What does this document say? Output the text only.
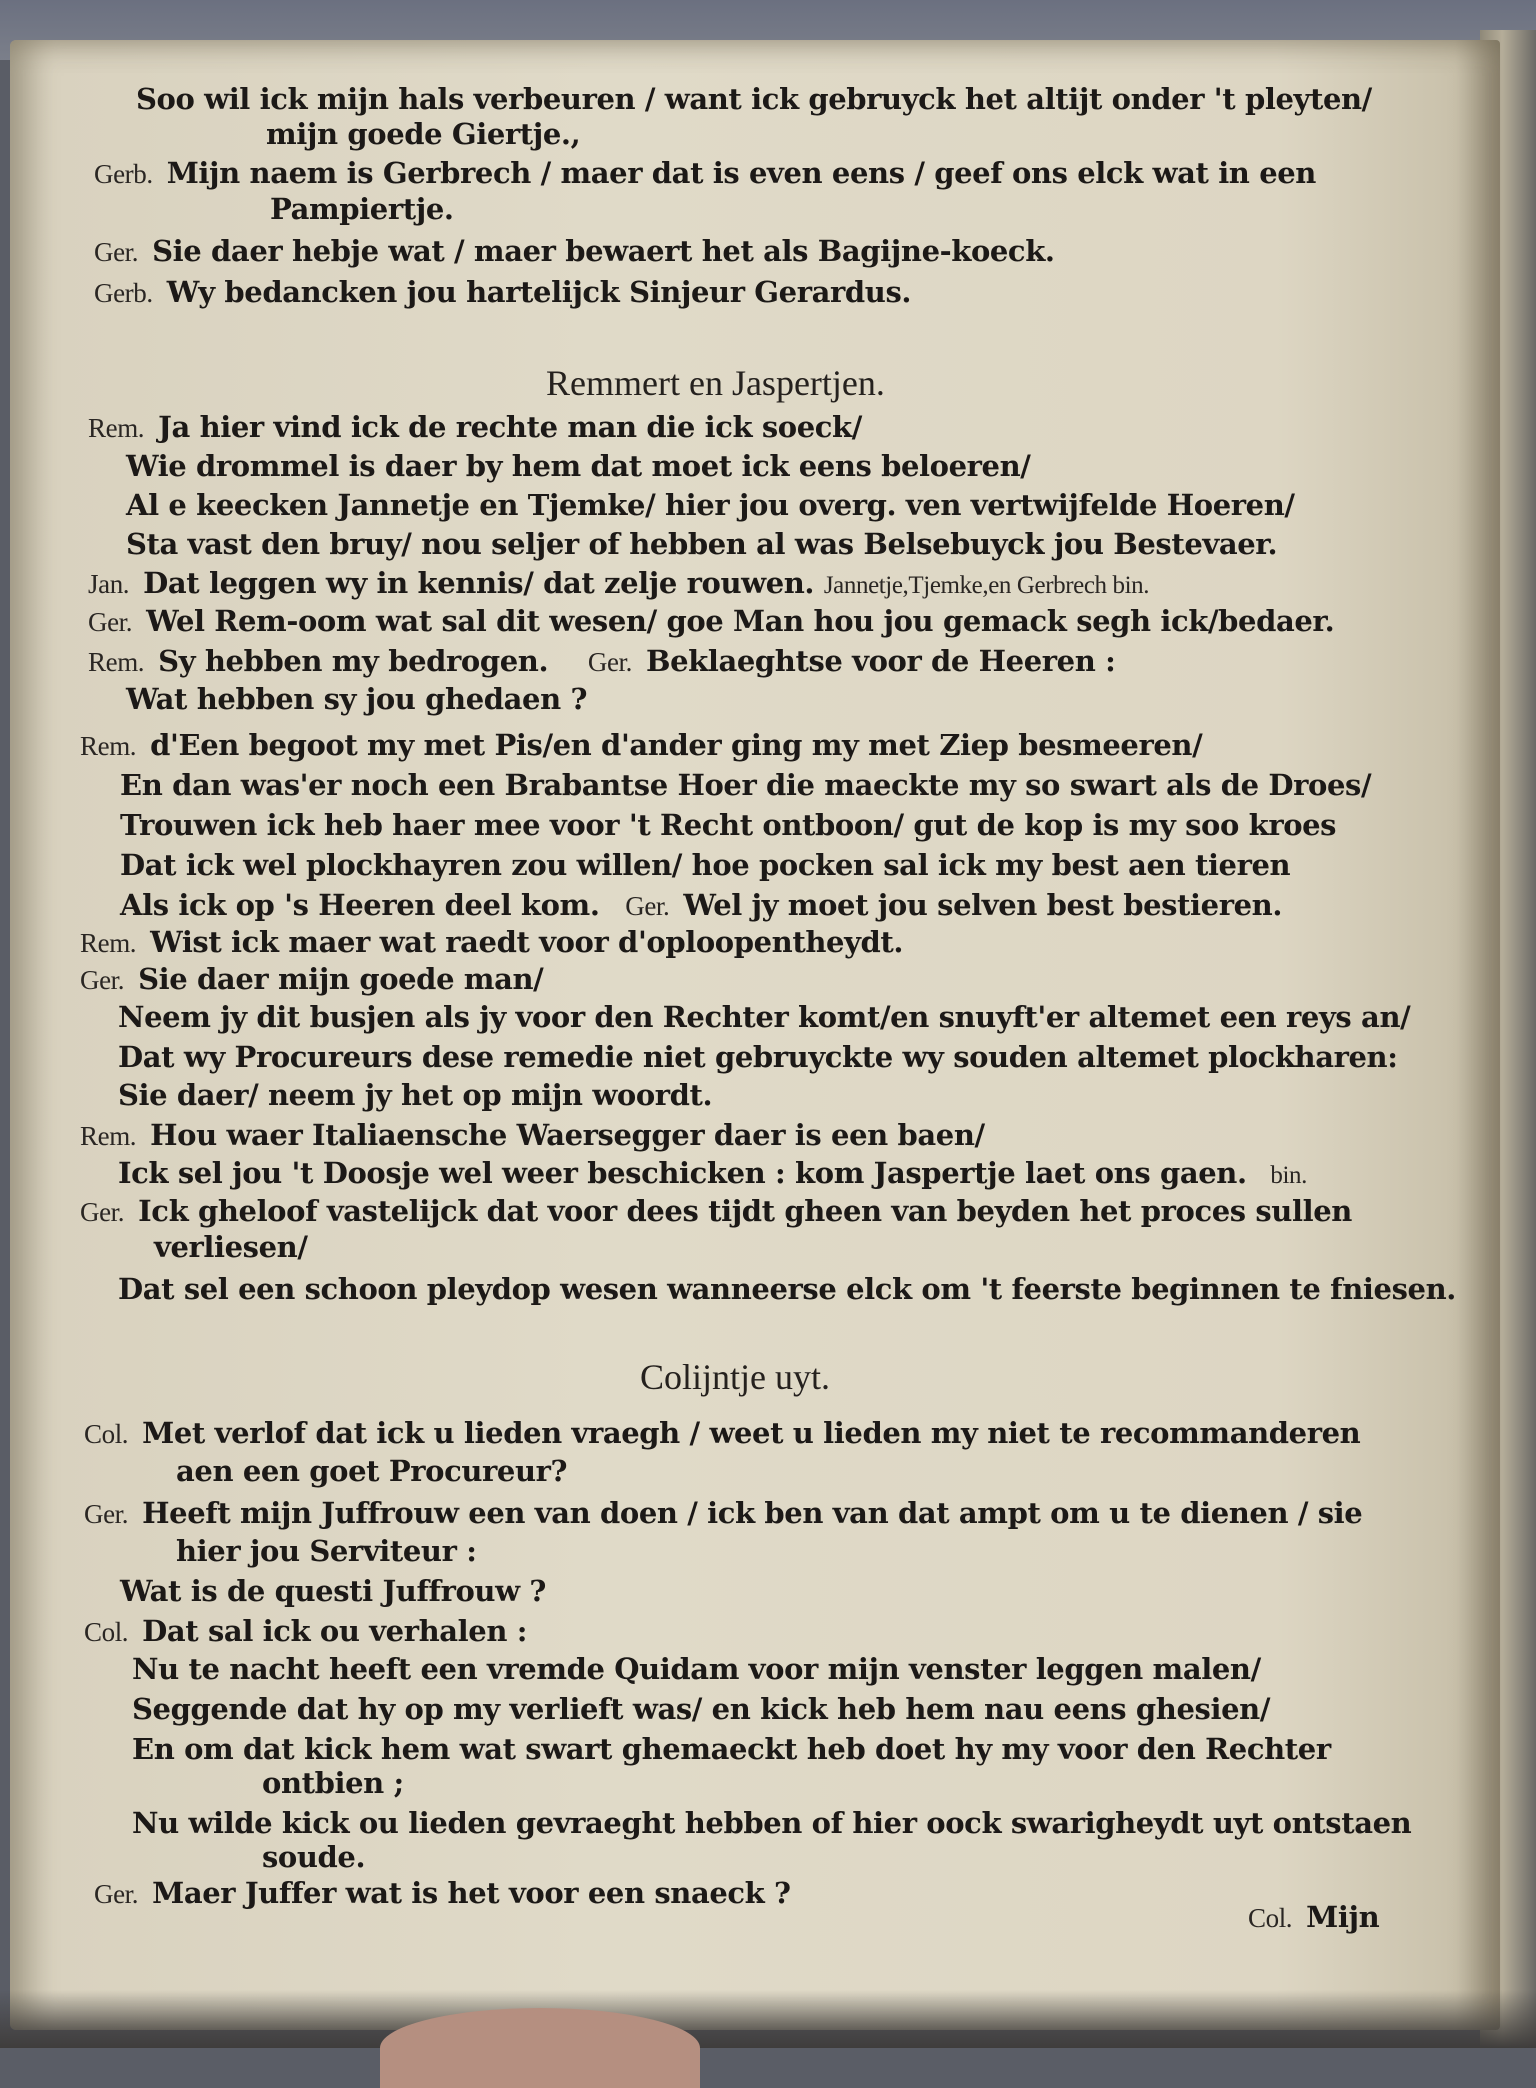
Soo wil ick mijn hals verbeuren / want ick gebruyck het altijt onder 't pleyten/
mijn goede Giertje.,
Gerb. Mijn naem is Gerbrech / maer dat is even eens / geef ons elck wat in een
Pampiertje.
Ger. Sie daer hebje wat / maer bewaert het als Bagijne-koeck.
Gerb. Wy bedancken jou hartelijck Sinjeur Gerardus.
Remmert en Jaspertjen.
Rem. Ja hier vind ick de rechte man die ick soeck/
Wie drommel is daer by hem dat moet ick eens beloeren/
Al e keecken Jannetje en Tjemke/ hier jou overg. ven vertwijfelde Hoeren/
Sta vast den bruy/ nou seljer of hebben al was Belsebuyck jou Bestevaer.
Jan. Dat leggen wy in kennis/ dat zelje rouwen. Jannetje,Tjemke,en Gerbrech bin.
Ger. Wel Rem-oom wat sal dit wesen/ goe Man hou jou gemack segh ick/bedaer.
Rem. Sy hebben my bedrogen. Ger. Beklaeghtse voor de Heeren :
Wat hebben sy jou ghedaen ?
Rem. d'Een begoot my met Pis/en d'ander ging my met Ziep besmeeren/
En dan was'er noch een Brabantse Hoer die maeckte my so swart als de Droes/
Trouwen ick heb haer mee voor 't Recht ontboon/ gut de kop is my soo kroes
Dat ick wel plockhayren zou willen/ hoe pocken sal ick my best aen tieren
Als ick op 's Heeren deel kom. Ger. Wel jy moet jou selven best bestieren.
Rem. Wist ick maer wat raedt voor d'oploopentheydt.
Ger. Sie daer mijn goede man/
Neem jy dit busjen als jy voor den Rechter komt/en snuyft'er altemet een reys an/
Dat wy Procureurs dese remedie niet gebruyckte wy souden altemet plockharen:
Sie daer/ neem jy het op mijn woordt.
Rem. Hou waer Italiaensche Waersegger daer is een baen/
Ick sel jou 't Doosje wel weer beschicken : kom Jaspertje laet ons gaen. bin.
Ger. Ick gheloof vastelijck dat voor dees tijdt gheen van beyden het proces sullen
verliesen/
Dat sel een schoon pleydop wesen wanneerse elck om 't feerste beginnen te fniesen.
Colijntje uyt.
Col. Met verlof dat ick u lieden vraegh / weet u lieden my niet te recommanderen
aen een goet Procureur?
Ger. Heeft mijn Juffrouw een van doen / ick ben van dat ampt om u te dienen / sie
hier jou Serviteur :
Wat is de questi Juffrouw ?
Col. Dat sal ick ou verhalen :
Nu te nacht heeft een vremde Quidam voor mijn venster leggen malen/
Seggende dat hy op my verlieft was/ en kick heb hem nau eens ghesien/
En om dat kick hem wat swart ghemaeckt heb doet hy my voor den Rechter
ontbien ;
Nu wilde kick ou lieden gevraeght hebben of hier oock swarigheydt uyt ontstaen
soude.
Ger. Maer Juffer wat is het voor een snaeck ?
Col. Mijn
